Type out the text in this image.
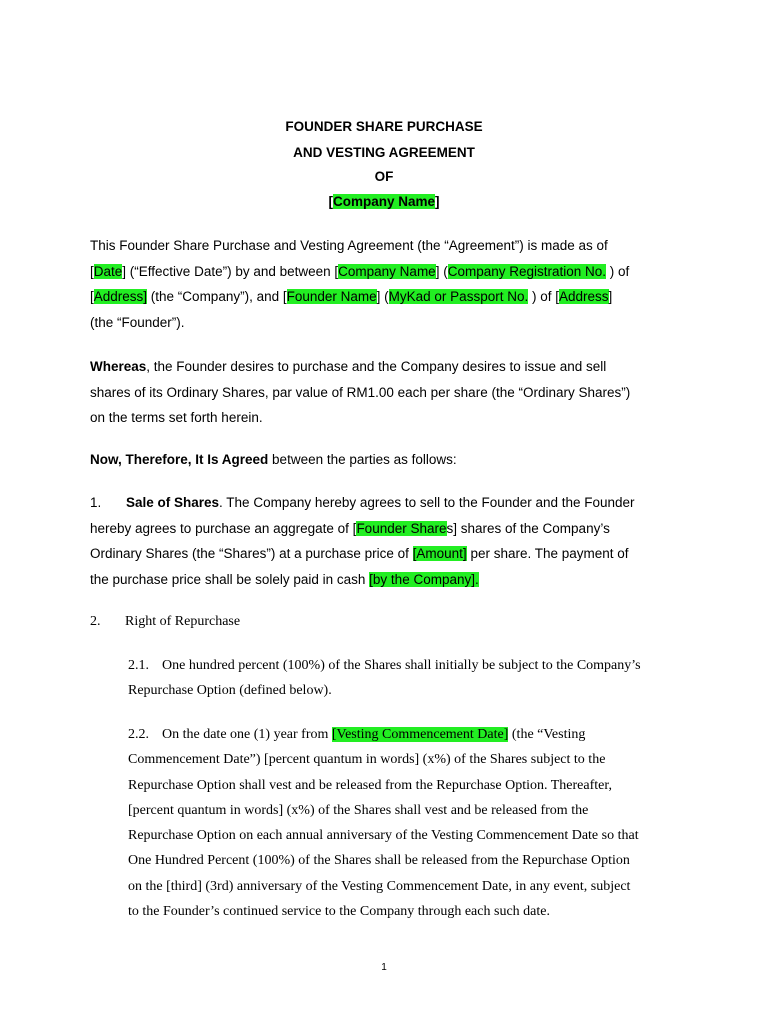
FOUNDER SHARE PURCHASE
AND VESTING AGREEMENT
OF
[Company Name]
This Founder Share Purchase and Vesting Agreement (the “Agreement”) is made as of
[Date] (“Effective Date”) by and between [Company Name] (Company Registration No. ) of
[Address] (the “Company”), and [Founder Name] (MyKad or Passport No. ) of [Address]
(the “Founder”).
Whereas, the Founder desires to purchase and the Company desires to issue and sell
shares of its Ordinary Shares, par value of RM1.00 each per share (the “Ordinary Shares”)
on the terms set forth herein.
Now, Therefore, It Is Agreed between the parties as follows:
1. Sale of Shares. The Company hereby agrees to sell to the Founder and the Founder
hereby agrees to purchase an aggregate of [Founder Shares] shares of the Company’s
Ordinary Shares (the “Shares”) at a purchase price of [Amount] per share. The payment of
the purchase price shall be solely paid in cash [by the Company].
2. Right of Repurchase
2.1. One hundred percent (100%) of the Shares shall initially be subject to the Company’s
Repurchase Option (defined below).
2.2. On the date one (1) year from [Vesting Commencement Date] (the “Vesting
Commencement Date”) [percent quantum in words] (x%) of the Shares subject to the
Repurchase Option shall vest and be released from the Repurchase Option. Thereafter,
[percent quantum in words] (x%) of the Shares shall vest and be released from the
Repurchase Option on each annual anniversary of the Vesting Commencement Date so that
One Hundred Percent (100%) of the Shares shall be released from the Repurchase Option
on the [third] (3rd) anniversary of the Vesting Commencement Date, in any event, subject
to the Founder’s continued service to the Company through each such date.
1
